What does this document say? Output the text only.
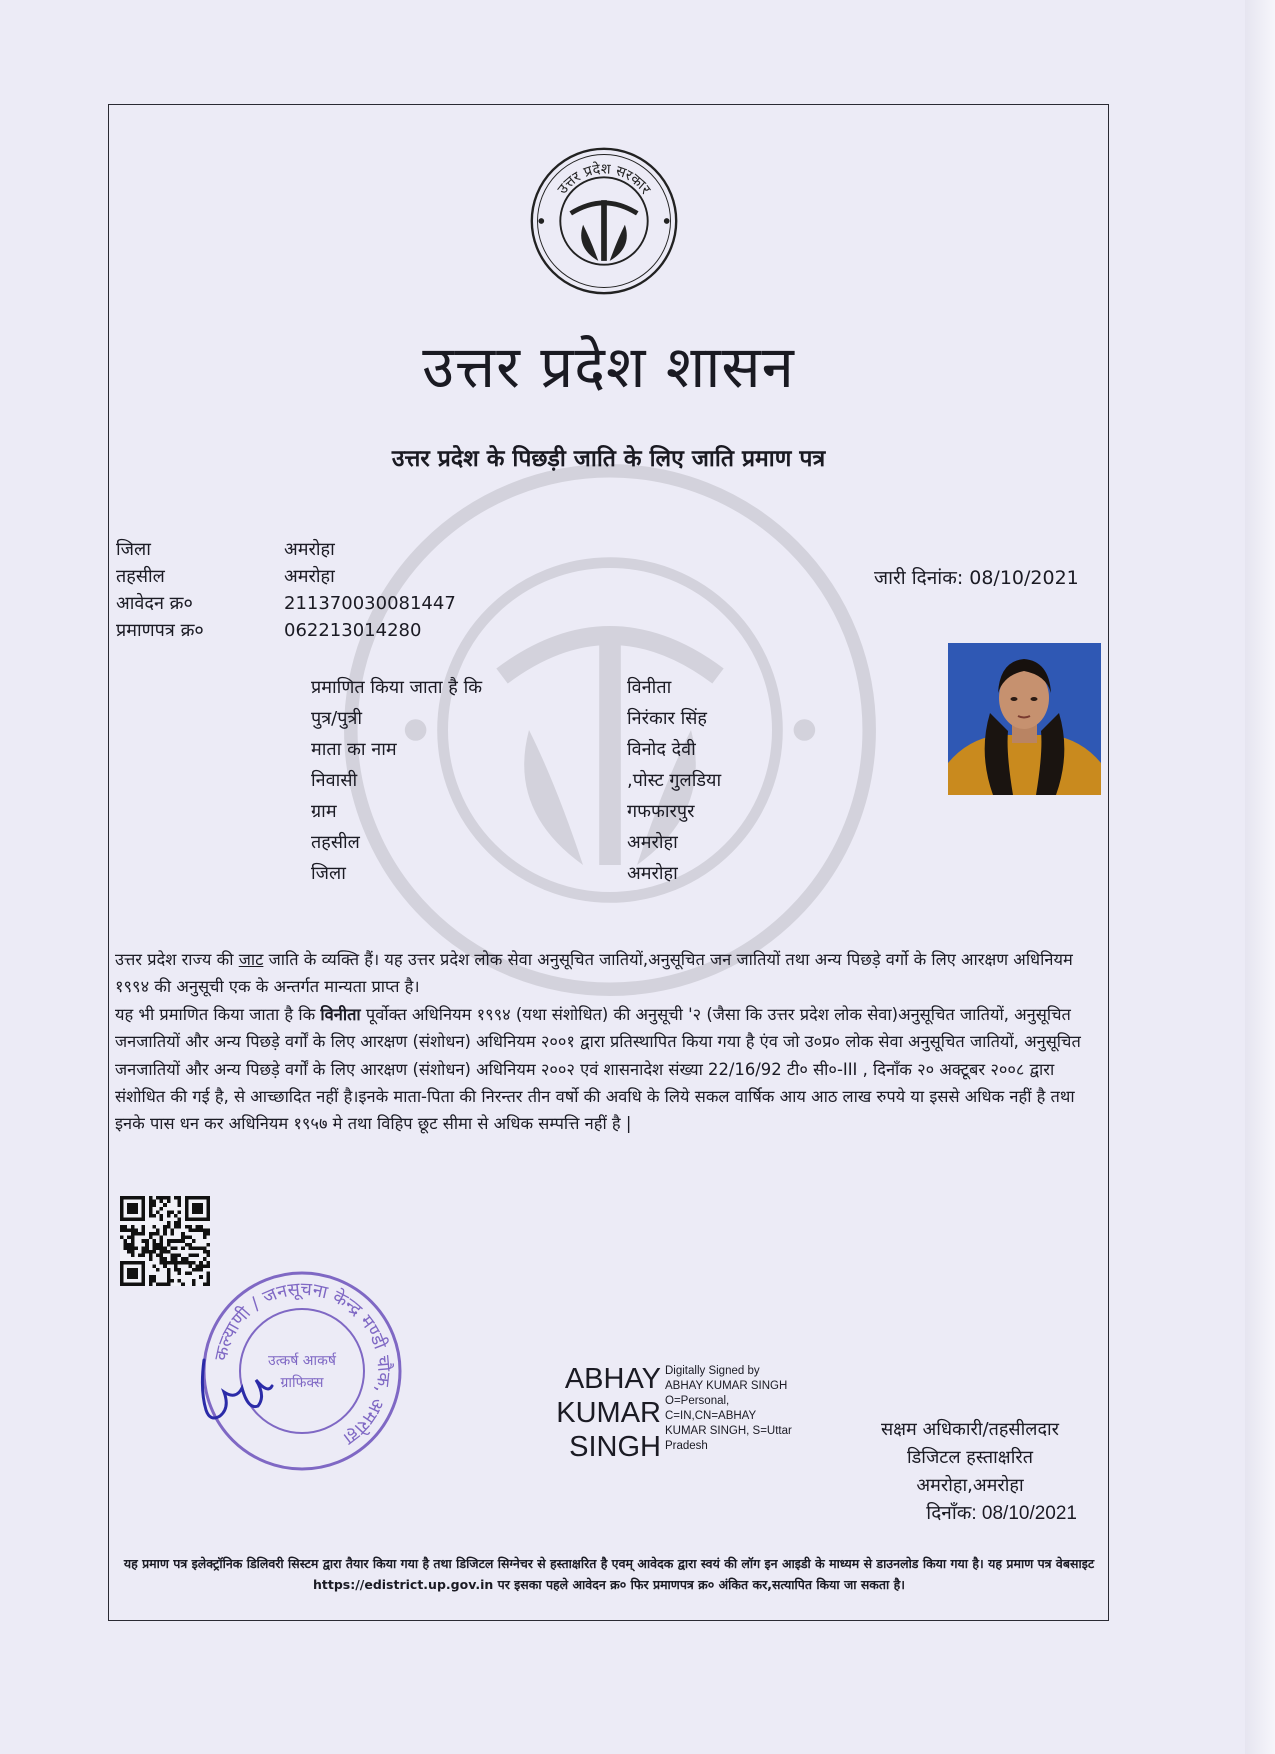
उत्तर प्रदेश सरकार
उत्तर प्रदेश शासन
उत्तर प्रदेश के पिछड़ी जाति के लिए जाति प्रमाण पत्र
जिला
तहसील
आवेदन क्र०
प्रमाणपत्र क्र०
अमरोहा
अमरोहा
211370030081447
062213014280
जारी दिनांक: 08/10/2021
प्रमाणित किया जाता है कि
पुत्र/पुत्री
माता का नाम
निवासी
ग्राम
तहसील
जिला
विनीता
निरंकार सिंह
विनोद देवी
,पोस्ट गुलडिया
गफफारपुर
अमरोहा
अमरोहा

उत्तर प्रदेश राज्य की जाट जाति के व्यक्ति हैं। यह उत्तर प्रदेश लोक सेवा अनुसूचित जातियों,अनुसूचित जन जातियों तथा अन्य पिछड़े वर्गो के लिए आरक्षण अधिनियम १९९४ की अनुसूची एक के अन्तर्गत मान्यता प्राप्त है।

यह भी प्रमाणित किया जाता है कि विनीता पूर्वोक्त अधिनियम १९९४ (यथा संशोधित) की अनुसूची '२ (जैसा कि उत्तर प्रदेश लोक सेवा)अनुसूचित जातियों, अनुसूचित जनजातियों और अन्य पिछड़े वर्गों के लिए आरक्षण (संशोधन) अधिनियम २००१ द्वारा प्रतिस्थापित किया गया है एंव जो उ०प्र० लोक सेवा अनुसूचित जातियों, अनुसूचित जनजातियों और अन्य पिछड़े वर्गों के लिए आरक्षण (संशोधन) अधिनियम २००२ एवं शासनादेश संख्या 22/16/92 टी० सी०-III , दिनाँक २० अक्टूबर २००८ द्वारा संशोधित की गई है, से आच्छादित नहीं है।इनके माता-पिता की निरन्तर तीन वर्षो की अवधि के लिये सकल वार्षिक आय आठ लाख रुपये या इससे अधिक नहीं है तथा इनके पास धन कर अधिनियम १९५७ मे तथा विहिप छूट सीमा से अधिक सम्पत्ति नहीं है |

कल्याणी / जनसूचना केन्द्र मण्डी चौक, अमरोहा
उत्कर्ष आकर्ष
ग्राफिक्स	ABHAY
KUMAR
SINGH
Digitally Signed by
ABHAY KUMAR SINGH
O=Personal,
C=IN,CN=ABHAY
KUMAR SINGH, S=Uttar
Pradesh
सक्षम अधिकारी/तहसीलदार
डिजिटल हस्ताक्षरित
अमरोहा,अमरोहा
दिनाँक: 08/10/2021
यह प्रमाण पत्र इलेक्ट्रॉनिक डिलिवरी सिस्टम द्वारा तैयार किया गया है तथा डिजिटल सिग्नेचर से हस्ताक्षरित है एवम् आवेदक द्वारा स्वयं की लॉग इन आइडी के माध्यम से डाउनलोड किया गया है। यह प्रमाण पत्र वेबसाइट https://edistrict.up.gov.in पर इसका पहले आवेदन क्र० फिर प्रमाणपत्र क्र० अंकित कर,सत्यापित किया जा सकता है।
